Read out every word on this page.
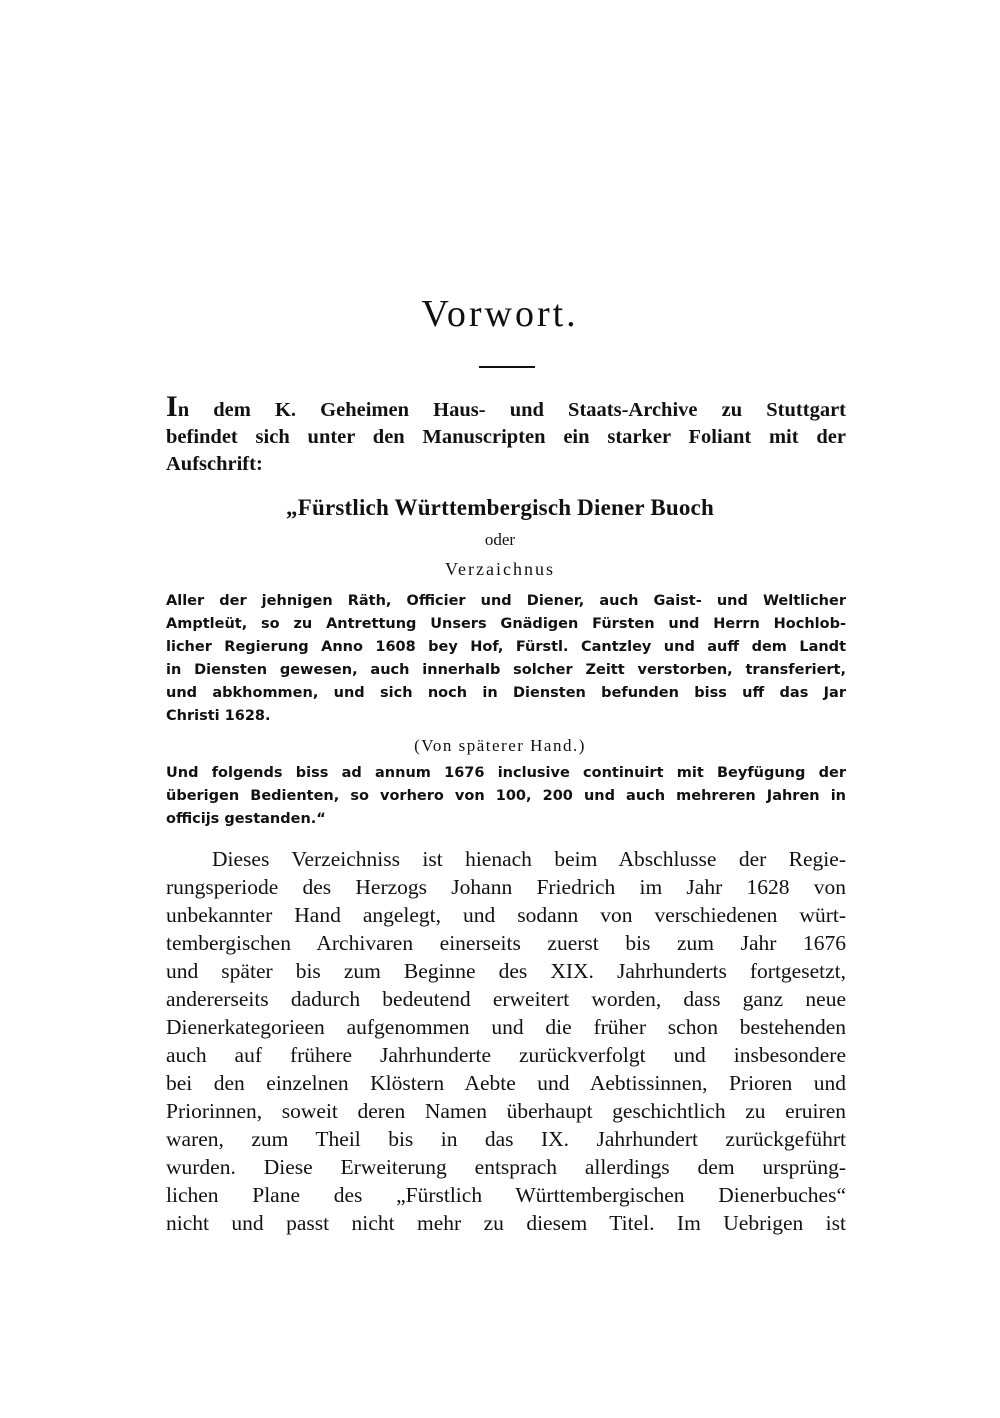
Vorwort.
In dem K. Geheimen Haus- und Staats-Archive zu Stuttgart
befindet sich unter den Manuscripten ein starker Foliant mit der
Aufschrift:
„Fürstlich Württembergisch Diener Buoch
oder
Verzaichnus
Aller der jehnigen Räth, Officier und Diener, auch Gaist- und Weltlicher
Amptleüt, so zu Antrettung Unsers Gnädigen Fürsten und Herrn Hochlob-
licher Regierung Anno 1608 bey Hof, Fürstl. Cantzley und auff dem Landt
in Diensten gewesen, auch innerhalb solcher Zeitt verstorben, transferiert,
und abkhommen, und sich noch in Diensten befunden biss uff das Jar
Christi 1628.
(Von späterer Hand.)
Und folgends biss ad annum 1676 inclusive continuirt mit Beyfügung der
überigen Bedienten, so vorhero von 100, 200 und auch mehreren Jahren in
officijs gestanden.“
Dieses Verzeichniss ist hienach beim Abschlusse der Regie-
rungsperiode des Herzogs Johann Friedrich im Jahr 1628 von
unbekannter Hand angelegt, und sodann von verschiedenen würt-
tembergischen Archivaren einerseits zuerst bis zum Jahr 1676
und später bis zum Beginne des XIX. Jahrhunderts fortgesetzt,
andererseits dadurch bedeutend erweitert worden, dass ganz neue
Dienerkategorieen aufgenommen und die früher schon bestehenden
auch auf frühere Jahrhunderte zurückverfolgt und insbesondere
bei den einzelnen Klöstern Aebte und Aebtissinnen, Prioren und
Priorinnen, soweit deren Namen überhaupt geschichtlich zu eruiren
waren, zum Theil bis in das IX. Jahrhundert zurückgeführt
wurden. Diese Erweiterung entsprach allerdings dem ursprüng-
lichen Plane des „Fürstlich Württembergischen Dienerbuches“
nicht und passt nicht mehr zu diesem Titel. Im Uebrigen ist
